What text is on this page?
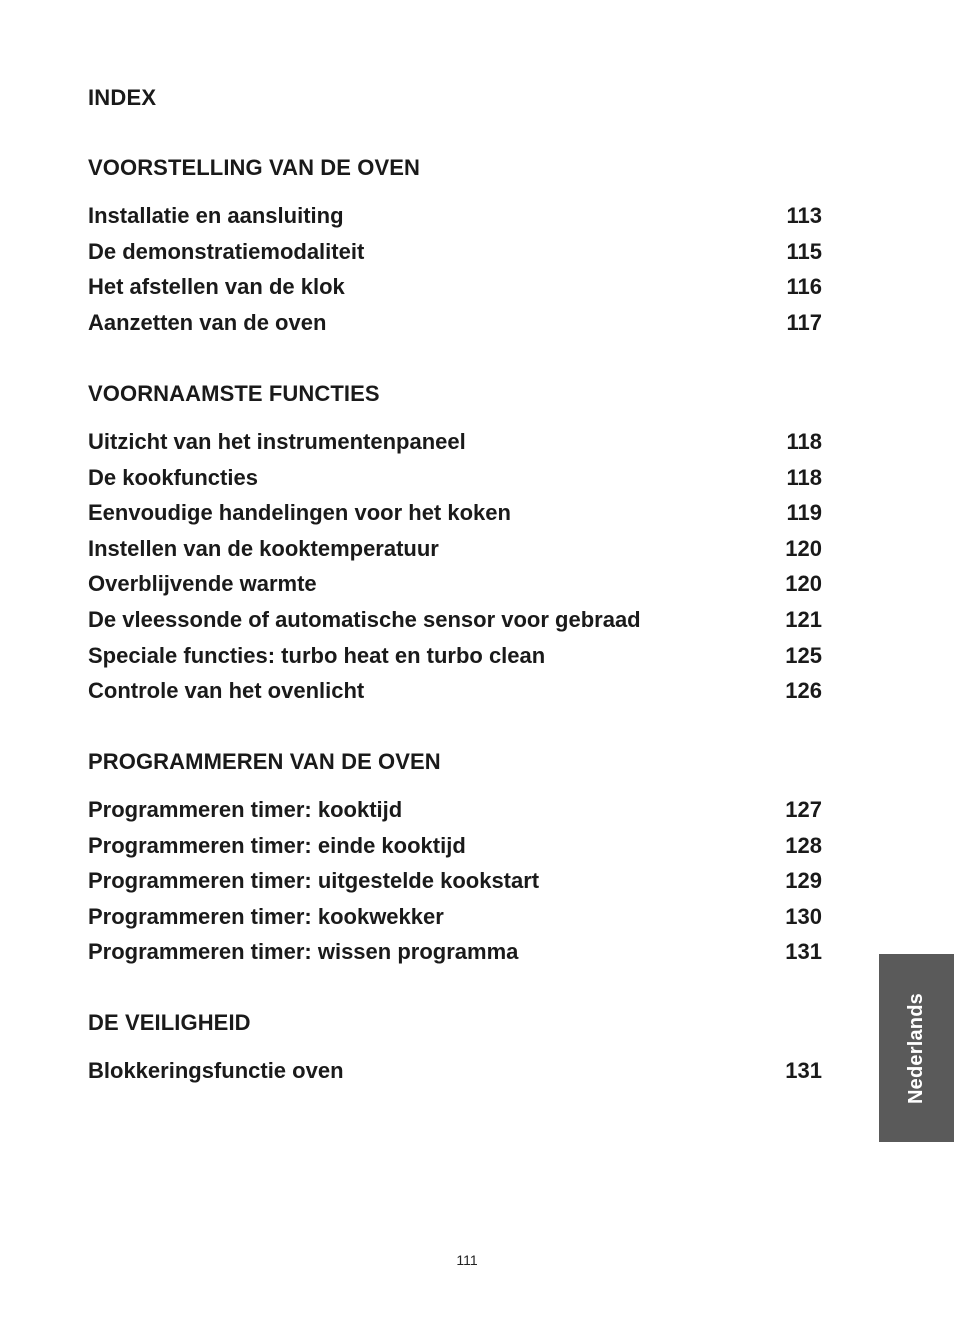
INDEX
VOORSTELLING VAN DE OVEN
Installatie en aansluiting	113
De demonstratiemodaliteit	115
Het afstellen van de klok	116
Aanzetten van de oven	117
VOORNAAMSTE FUNCTIES
Uitzicht van het instrumentenpaneel	118
De kookfuncties	118
Eenvoudige handelingen voor het koken	119
Instellen van de kooktemperatuur	120
Overblijvende warmte	120
De vleessonde of automatische sensor voor gebraad	121
Speciale functies: turbo heat en turbo clean	125
Controle van het ovenlicht	126
PROGRAMMEREN VAN DE OVEN
Programmeren timer: kooktijd	127
Programmeren timer: einde kooktijd	128
Programmeren timer: uitgestelde kookstart	129
Programmeren timer: kookwekker	130
Programmeren timer: wissen programma	131
DE VEILIGHEID
Blokkeringsfunctie oven	131	Nederlands
111
